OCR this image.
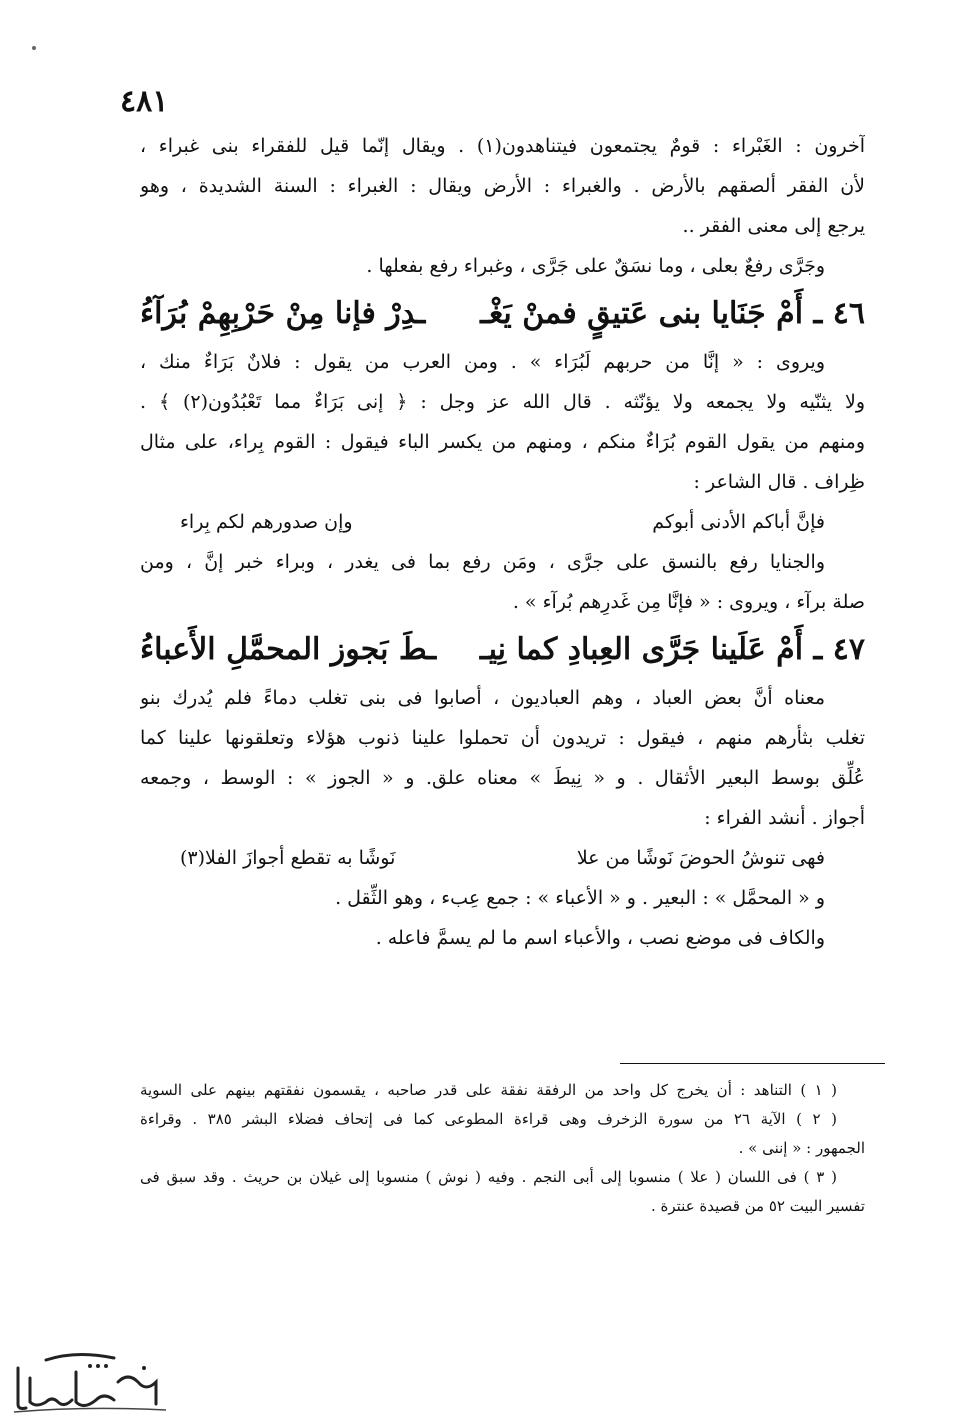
٤٨١
آخرون : الغَبْراء : قومٌ يجتمعون فيتناهدون(١) . ويقال إنّما قيل للفقراء بنى غبراء ،
لأن الفقر ألصقهم بالأرض . والغبراء : الأرض ويقال : الغبراء : السنة الشديدة ، وهو
يرجع إلى معنى الفقر ..
وجَرَّى رفعٌ بعلى ، وما نسَقٌ على جَرَّى ، وغبراء رفع بفعلها .
٤٦ ـ أَمْ جَنَايا بنى عَتيقٍ فمنْ يَغْـ
ـدِرْ فإنا مِنْ حَرْبِهِمْ بُرَآءُ
ويروى : « إنَّا من حربهم لَبُرَاء » . ومن العرب من يقول : فلانٌ بَرَاءٌ منك ،
ولا يثنّيه ولا يجمعه ولا يؤنّثه . قال الله عز وجل : ﴿ إنى بَرَاءٌ مما تَعْبُدُون(٢) ﴾ .
ومنهم من يقول القوم بُرَاءٌ منكم ، ومنهم من يكسر الباء فيقول : القوم بِراء، على مثال
ظِراف . قال الشاعر :
فإنَّ أباكم الأدنى أبوكم
وإن صدورهم لكم بِراء
والجنايا رفع بالنسق على جرَّى ، ومَن رفع بما فى يغدر ، وبراء خبر إنَّ ، ومن
صلة برآء ، ويروى : « فإنَّا مِن غَدرِهم بُرآء » .
٤٧ ـ أَمْ عَلَينا جَرَّى العِبادِ كما نِيـ
ـطَ بَجوز المحمَّلِ الأَعباءُ
معناه أنَّ بعض العباد ، وهم العباديون ، أصابوا فى بنى تغلب دماءً فلم يُدرك بنو
تغلب بثأرهم منهم ، فيقول : تريدون أن تحملوا علينا ذنوب هؤلاء وتعلقونها علينا كما
عُلِّق بوسط البعير الأثقال . و « نِيطَ » معناه علق. و « الجوز » : الوسط ، وجمعه
أجواز . أنشد الفراء :
فهى تنوشُ الحوضَ نَوشًا من علا
نَوشًا به تقطع أجوازَ الفلا(٣)
و « المحمَّل » : البعير . و « الأعباء » : جمع عِبء ، وهو الثِّقل .
والكاف فى موضع نصب ، والأعباء اسم ما لم يسمَّ فاعله .
( ١ ) التناهد : أن يخرج كل واحد من الرفقة نفقة على قدر صاحبه ، يقسمون نفقتهم بينهم على السوية
( ٢ ) الآية ٢٦ من سورة الزخرف وهى قراءة المطوعى كما فى إتحاف فضلاء البشر ٣٨٥ . وقراءة
الجمهور : « إننى » .
( ٣ ) فى اللسان ( علا ) منسوبا إلى أبى النجم . وفيه ( نوش ) منسوبا إلى غيلان بن حريث . وقد سبق فى
تفسير البيت ٥٢ من قصيدة عنترة .
